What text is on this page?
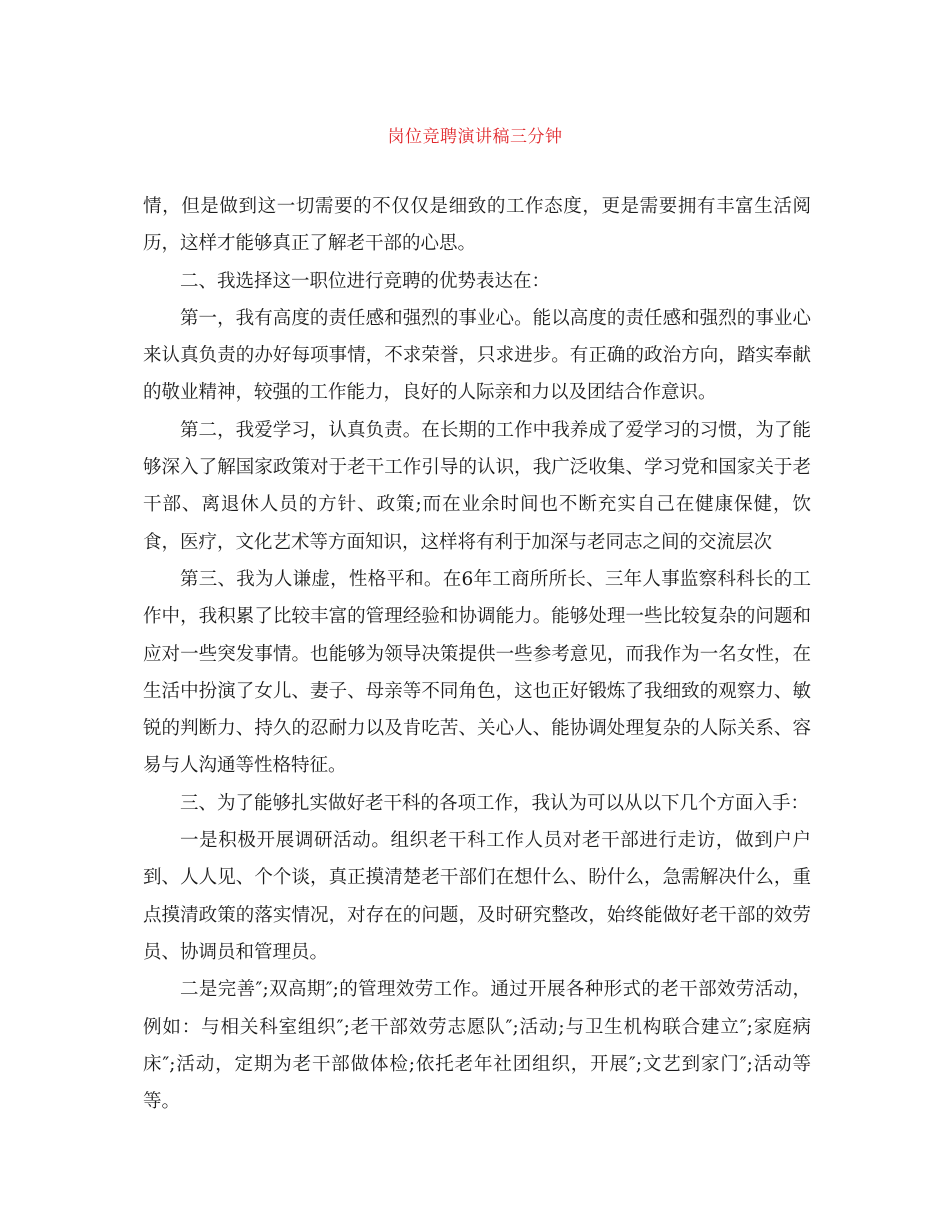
岗位竞聘演讲稿三分钟

情，但是做到这一切需要的不仅仅是细致的工作态度，更是需要拥有丰富生活阅历，这样才能够真正了解老干部的心思。

二、我选择这一职位进行竞聘的优势表达在：

第一，我有高度的责任感和强烈的事业心。能以高度的责任感和强烈的事业心来认真负责的办好每项事情，不求荣誉，只求进步。有正确的政治方向，踏实奉献的敬业精神，较强的工作能力，良好的人际亲和力以及团结合作意识。

第二，我爱学习，认真负责。在长期的工作中我养成了爱学习的习惯，为了能够深入了解国家政策对于老干工作引导的认识，我广泛收集、学习党和国家关于老干部、离退休人员的方针、政策;而在业余时间也不断充实自己在健康保健，饮食，医疗，文化艺术等方面知识，这样将有利于加深与老同志之间的交流层次

第三、我为人谦虚，性格平和。在6年工商所所长、三年人事监察科科长的工作中，我积累了比较丰富的管理经验和协调能力。能够处理一些比较复杂的问题和应对一些突发事情。也能够为领导决策提供一些参考意见，而我作为一名女性，在生活中扮演了女儿、妻子、母亲等不同角色，这也正好锻炼了我细致的观察力、敏锐的判断力、持久的忍耐力以及肯吃苦、关心人、能协调处理复杂的人际关系、容易与人沟通等性格特征。

三、为了能够扎实做好老干科的各项工作，我认为可以从以下几个方面入手：

一是积极开展调研活动。组织老干科工作人员对老干部进行走访，做到户户到、人人见、个个谈，真正摸清楚老干部们在想什么、盼什么，急需解决什么，重点摸清政策的落实情况，对存在的问题，及时研究整改，始终能做好老干部的效劳员、协调员和管理员。

二是完善″;双高期″;的管理效劳工作。通过开展各种形式的老干部效劳活动，例如：与相关科室组织″;老干部效劳志愿队″;活动;与卫生机构联合建立″;家庭病床″;活动，定期为老干部做体检;依托老年社团组织，开展″;文艺到家门″;活动等等。
